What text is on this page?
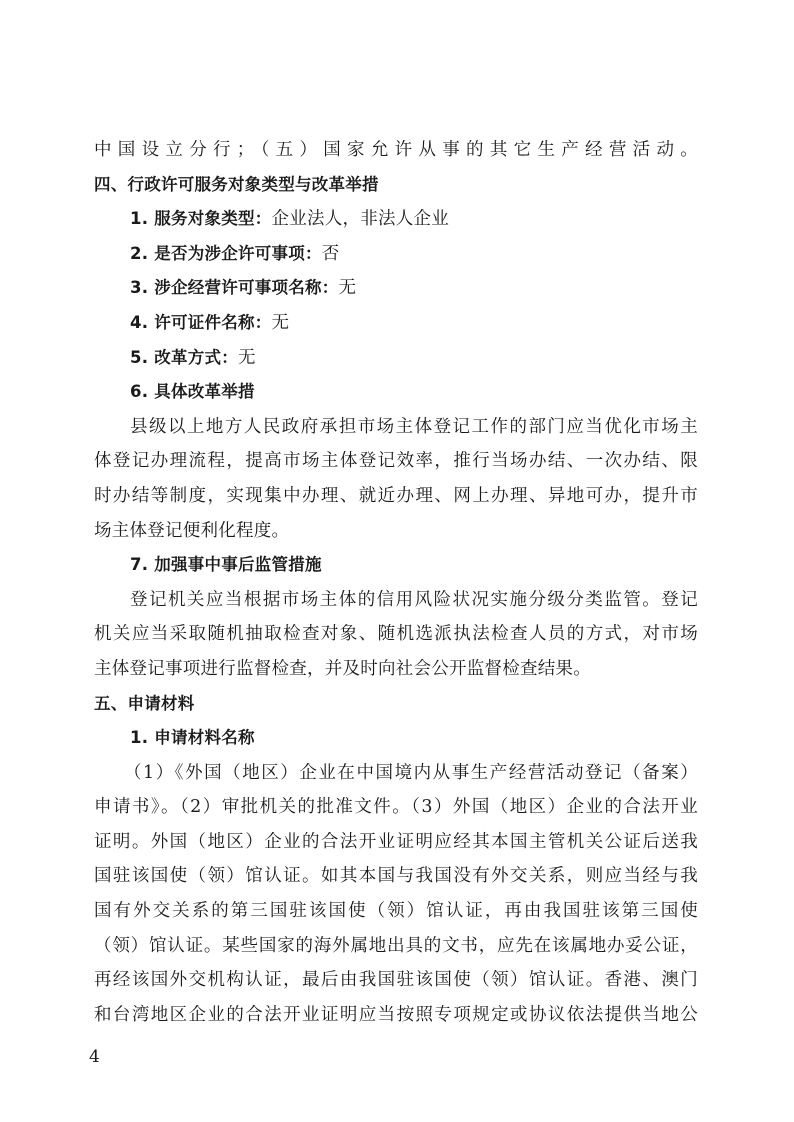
中国设立分行；（五）国家允许从事的其它生产经营活动。
四、行政许可服务对象类型与改革举措
1. 服务对象类型：企业法人，非法人企业
2. 是否为涉企许可事项：否
3. 涉企经营许可事项名称：无
4. 许可证件名称：无
5. 改革方式：无
6. 具体改革举措
县级以上地方人民政府承担市场主体登记工作的部门应当优化市场主
体登记办理流程，提高市场主体登记效率，推行当场办结、一次办结、限
时办结等制度，实现集中办理、就近办理、网上办理、异地可办，提升市
场主体登记便利化程度。
7. 加强事中事后监管措施
登记机关应当根据市场主体的信用风险状况实施分级分类监管。登记
机关应当采取随机抽取检查对象、随机选派执法检查人员的方式，对市场
主体登记事项进行监督检查，并及时向社会公开监督检查结果。
五、申请材料
1. 申请材料名称
（1）《外国（地区）企业在中国境内从事生产经营活动登记（备案）
申请书》。（2）审批机关的批准文件。（3）外国（地区）企业的合法开业
证明。外国（地区）企业的合法开业证明应经其本国主管机关公证后送我
国驻该国使（领）馆认证。如其本国与我国没有外交关系，则应当经与我
国有外交关系的第三国驻该国使（领）馆认证，再由我国驻该第三国使
（领）馆认证。某些国家的海外属地出具的文书，应先在该属地办妥公证，
再经该国外交机构认证，最后由我国驻该国使（领）馆认证。香港、澳门
和台湾地区企业的合法开业证明应当按照专项规定或协议依法提供当地公
4
